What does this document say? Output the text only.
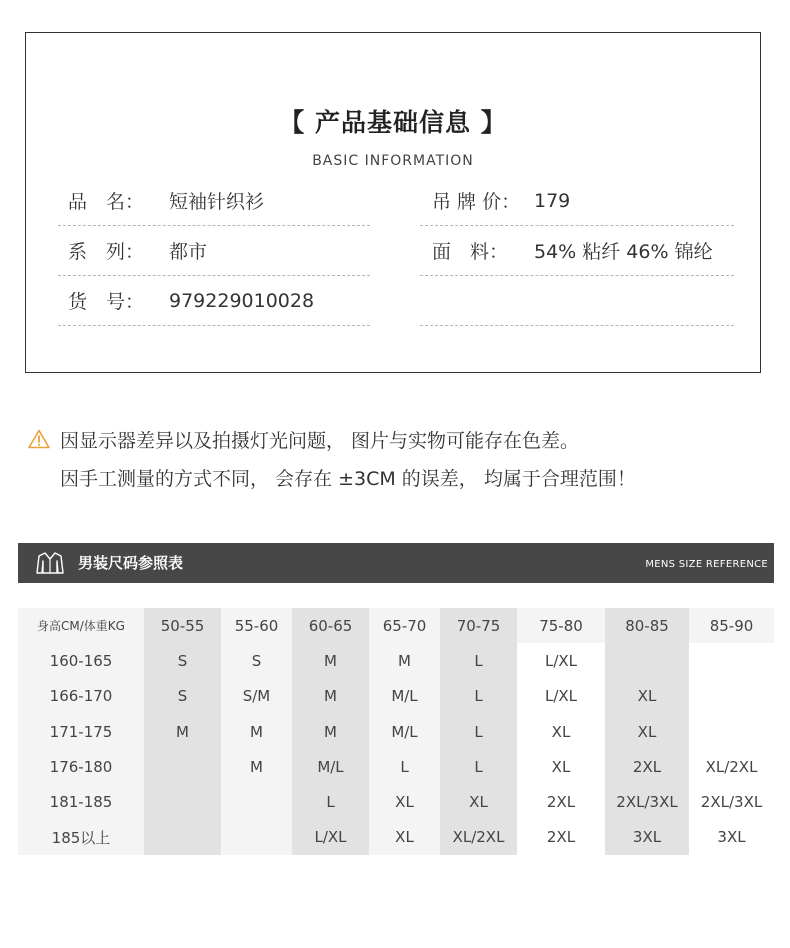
【 产品基础信息 】
BASIC INFORMATION
品　名：	短袖针织衫	吊 牌 价： 179
系　列：	都市	面　料：	54% 粘纤 46% 锦纶
货　号：	979229010028
因显示器差异以及拍摄灯光问题， 图片与实物可能存在色差。
因手工测量的方式不同， 会存在 ±3CM 的误差， 均属于合理范围！
男装尺码参照表	MENS SIZE REFERENCE
身高CM/体重KG	50-55	55-60	60-65	65-70	70-75	75-80	80-85	85-90
160-165	S	S	M	M	L	L/XL		
166-170	S	S/M	M	M/L	L	L/XL	XL	
171-175	M	M	M	M/L	L	XL	XL	
176-180		M	M/L	L	L	XL	2XL	XL/2XL
181-185			L	XL	XL	2XL	2XL/3XL	2XL/3XL
185以上			L/XL	XL	XL/2XL	2XL	3XL	3XL
